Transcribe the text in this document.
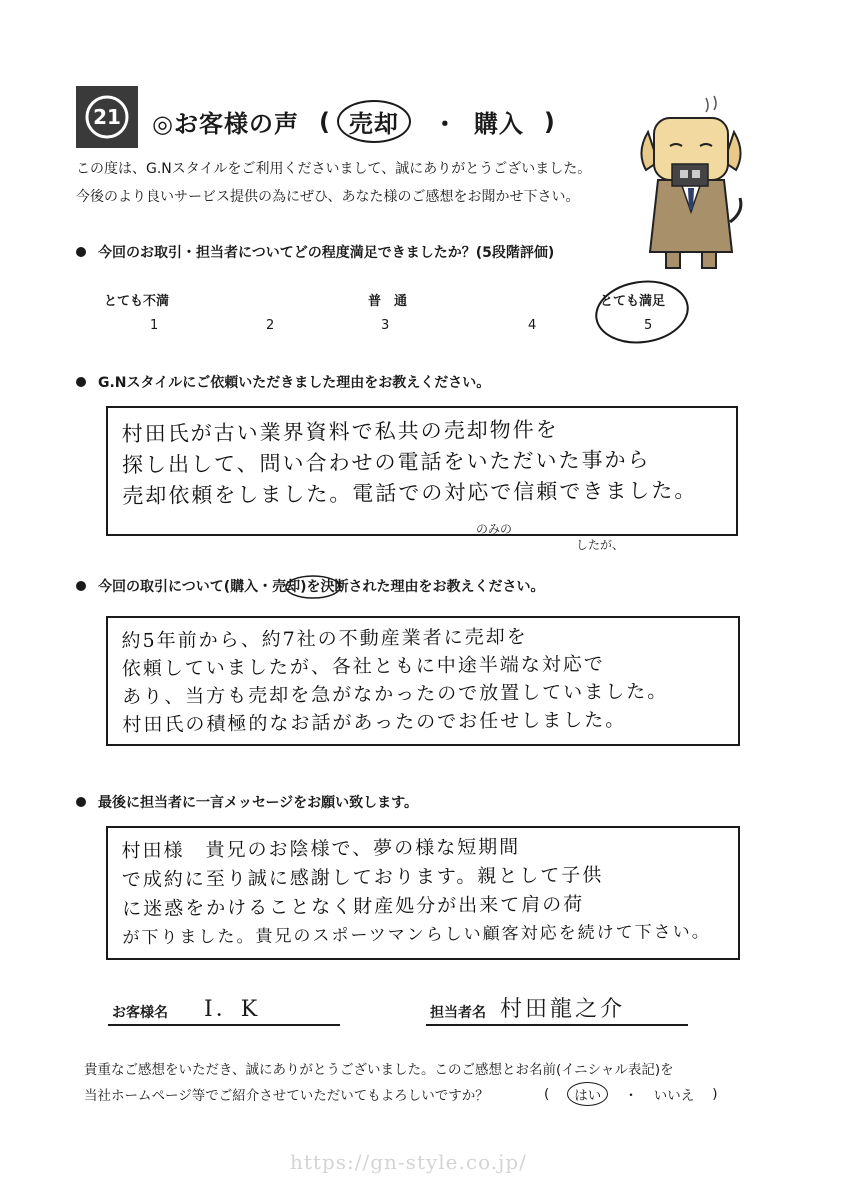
21 ◎お客様の声 ( 売却	・ 購入 )
この度は、G.Nスタイルをご利用くださいまして、誠にありがとうございました。
今後のより良いサービス提供の為にぜひ、あなた様のご感想をお聞かせ下さい。
今回のお取引・担当者についてどの程度満足できましたか？(5段階評価)
とても不満	普　通	とても満足
1	2	3	4	5
G.Nスタイルにご依頼いただきました理由をお教えください。
村田氏が古い業界資料で私共の売却物件を
探し出して、問い合わせの電話をいただいた事から
売却依頼をしました。電話での対応で信頼できました。
のみの
したが、
今回の取引について(購入・売却)を決断された理由をお教えください。
約5年前から、約7社の不動産業者に売却を
依頼していましたが、各社ともに中途半端な対応で
あり、当方も売却を急がなかったので放置していました。
村田氏の積極的なお話があったのでお任せしました。
最後に担当者に一言メッセージをお願い致します。
村田様　貴兄のお陰様で、夢の様な短期間
で成約に至り誠に感謝しております。親として子供
に迷惑をかけることなく財産処分が出来て肩の荷
が下りました。貴兄のスポーツマンらしい顧客対応を続けて下さい。
お客様名 I．K	担当者名 村田龍之介
貴重なご感想をいただき、誠にありがとうございました。このご感想とお名前(イニシャル表記)を
当社ホームページ等でご紹介させていただいてもよろしいですか？	(	はい	・ いいえ )
https://gn-style.co.jp/
